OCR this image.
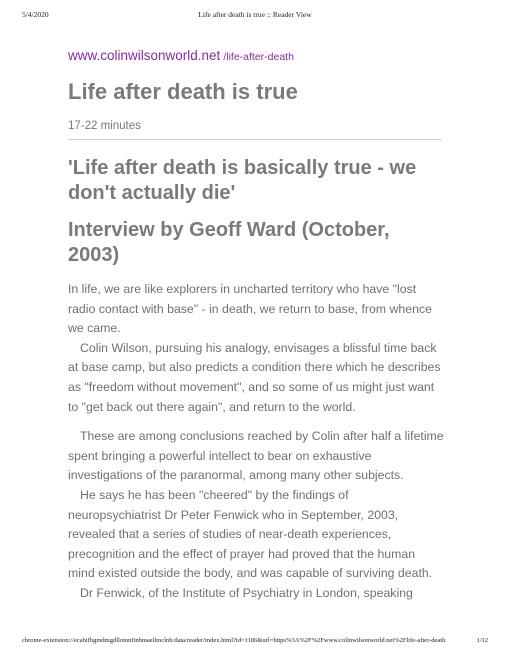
5/4/2020	Life after death is true :: Reader View

www.colinwilsonworld.net /life-after-death

Life after death is true
17-22 minutes
'Life after death is basically true - we don't actually die'
Interview by Geoff Ward (October, 2003)

In life, we are like explorers in uncharted territory who have "lost radio contact with base" - in death, we return to base, from whence we came.

Colin Wilson, pursuing his analogy, envisages a blissful time back at base camp, but also predicts a condition there which he describes as "freedom without movement", and so some of us might just want to "get back out there again", and return to the world.

These are among conclusions reached by Colin after half a lifetime spent bringing a powerful intellect to bear on exhaustive investigations of the paranormal, among many other subjects.

He says he has been "cheered" by the findings of neuropsychiatrist Dr Peter Fenwick who in September, 2003, revealed that a series of studies of near-death experiences, precognition and the effect of prayer had proved that the human mind existed outside the body, and was capable of surviving death.

Dr Fenwick, of the Institute of Psychiatry in London, speaking

chrome-extension://ecabifbgmdmgdllomnfinbmaellmclnh/data/reader/index.html?id=1186&url=https%3A%2F%2Fwww.colinwilsonworld.net%2Flife-after-death	1/12
